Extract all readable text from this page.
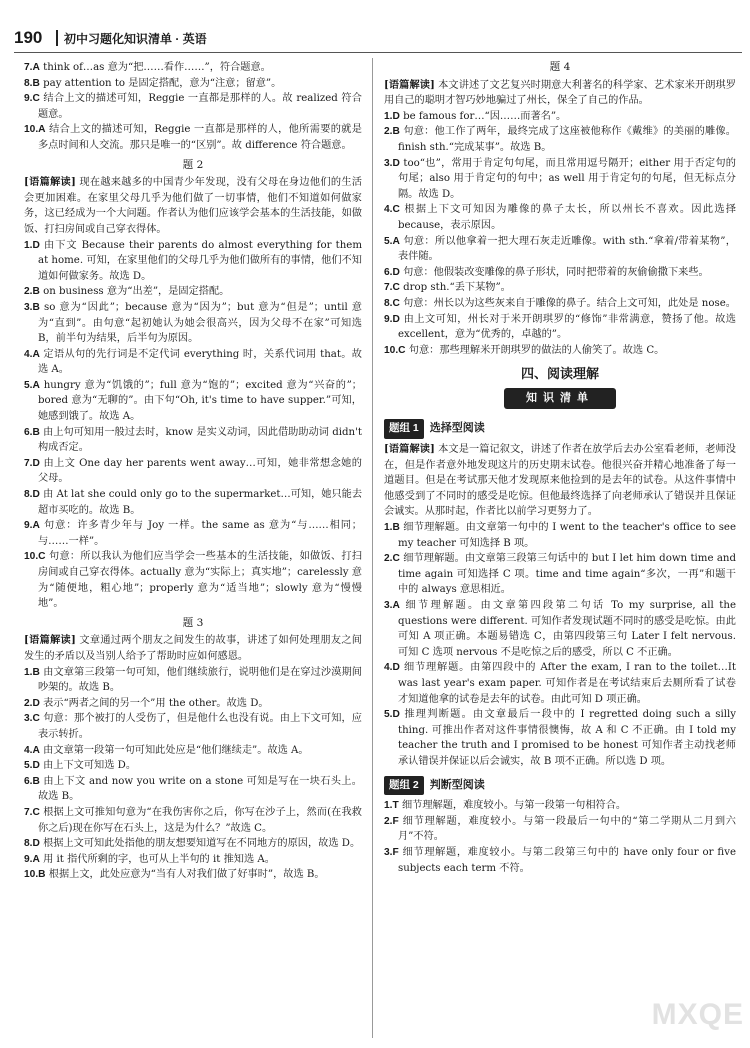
190 初中习题化知识清单 · 英语
7.A think of…as 意为“把……看作……”，符合题意。
8.B pay attention to 是固定搭配，意为“注意；留意”。
9.C 结合上文的描述可知，Reggie 一直都是那样的人。故 realized 符合题意。
10.A 结合上文的描述可知，Reggie 一直都是那样的人，他所需要的就是多点时间和人交流。那只是唯一的“区别”。故 difference 符合题意。
题 2
[语篇解读] 现在越来越多的中国青少年发现，没有父母在身边他们的生活会更加困难。在家里父母几乎为他们做了一切事情，他们不知道如何做家务，这已经成为一个大问题。作者认为他们应该学会基本的生活技能，如做饭、打扫房间或自己穿衣得体。
1.D 由下文 Because their parents do almost everything for them at home. 可知，在家里他们的父母几乎为他们做所有的事情，他们不知道如何做家务。故选 D。
2.B on business 意为“出差”，是固定搭配。
3.B so 意为“因此”；because 意为“因为”；but 意为“但是”；until 意为“直到”。由句意“起初她认为她会很高兴，因为父母不在家”可知选 B，前半句为结果，后半句为原因。
4.A 定语从句的先行词是不定代词 everything 时，关系代词用 that。故选 A。
5.A hungry 意为“饥饿的”；full 意为“饱的”；excited 意为“兴奋的”；bored 意为“无聊的”。由下句“Oh, it's time to have supper.”可知，她感到饿了。故选 A。
6.B 由上句可知用一般过去时，know 是实义动词，因此借助助动词 didn't 构成否定。
7.D 由上文 One day her parents went away…可知，她非常想念她的父母。
8.D 由 At lat she could only go to the supermarket…可知，她只能去超市买吃的。故选 B。
9.A 句意：许多青少年与 Joy 一样。the same as 意为“与……相同；与……一样”。
10.C 句意：所以我认为他们应当学会一些基本的生活技能，如做饭、打扫房间或自己穿衣得体。actually 意为“实际上；真实地”；carelessly 意为“随便地，粗心地”；properly 意为“适当地”；slowly 意为“慢慢地”。
题 3
[语篇解读] 文章通过两个朋友之间发生的故事，讲述了如何处理朋友之间发生的矛盾以及当别人给予了帮助时应如何感恩。
1.B 由文章第三段第一句可知，他们继续旅行，说明他们是在穿过沙漠期间吵架的。故选 B。
2.D 表示“两者之间的另一个”用 the other。故选 D。
3.C 句意：那个被打的人受伤了，但是他什么也没有说。由上下文可知，应表示转折。
4.A 由文章第一段第一句可知此处应是“他们继续走”。故选 A。
5.D 由上下文可知选 D。
6.B 由上下文 and now you write on a stone 可知是写在一块石头上。故选 B。
7.C 根据上文可推知句意为“在我伤害你之后，你写在沙子上，然而(在我救你之后)现在你写在石头上，这是为什么？”故选 C。
8.D 根据上文可知此处指他的朋友想要知道写在不同地方的原因，故选 D。
9.A 用 it 指代所剩的字，也可从上半句的 it 推知选 A。
10.B 根据上文，此处应意为“当有人对我们做了好事时”，故选 B。
题 4
[语篇解读] 本文讲述了文艺复兴时期意大利著名的科学家、艺术家米开朗琪罗用自己的聪明才智巧妙地骗过了州长，保全了自己的作品。
1.D be famous for…“因……而著名”。
2.B 句意：他工作了两年，最终完成了这座被他称作《戴维》的美丽的雕像。finish sth.“完成某事”。故选 B。
3.D too“也”，常用于肯定句句尾，而且常用逗号隔开；either 用于否定句的句尾；also 用于肯定句的句中；as well 用于肯定句的句尾，但无标点分隔。故选 D。
4.C 根据上下文可知因为雕像的鼻子太长，所以州长不喜欢。因此选择 because，表示原因。
5.A 句意：所以他拿着一把大理石灰走近雕像。with sth.“拿着/带着某物”，表伴随。
6.D 句意：他假装改变雕像的鼻子形状，同时把带着的灰偷偷撒下来些。
7.C drop sth.“丢下某物”。
8.C 句意：州长以为这些灰来自于雕像的鼻子。结合上文可知，此处是 nose。
9.D 由上文可知，州长对于米开朗琪罗的“修饰”非常满意，赞扬了他。故选 excellent，意为“优秀的，卓越的”。
10.C 句意：那些理解米开朗琪罗的做法的人偷笑了。故选 C。
四、阅读理解
知识清单
题组 1	选择型阅读
[语篇解读] 本文是一篇记叙文，讲述了作者在放学后去办公室看老师，老师没在，但是作者意外地发现这片的历史期末试卷。他很兴奋并精心地准备了每一道题目。但是在考试那天他才发现原来他捡到的是去年的试卷。从这件事情中他感受到了不同时的感受是吃惊。但他最终选择了向老师承认了错误并且保证会诚实。从那时起，作者比以前学习更努力了。
1.B 细节理解题。由文章第一句中的 I went to the teacher's office to see my teacher 可知选择 B 项。
2.C 细节理解题。由文章第三段第三句话中的 but I let him down time and time again 可知选择 C 项。time and time again“多次，一再”和题干中的 always 意思相近。
3.A 细节理解题。由文章第四段第二句话 To my surprise, all the questions were different. 可知作者发现试题不同时的感受是吃惊。由此可知 A 项正确。本题易错选 C，由第四段第三句 Later I felt nervous. 可知 C 选项 nervous 不是吃惊之后的感受，所以 C 不正确。
4.D 细节理解题。由第四段中的 After the exam, I ran to the toilet…It was last year's exam paper. 可知作者是在考试结束后去厕所看了试卷才知道他拿的试卷是去年的试卷。由此可知 D 项正确。
5.D 推理判断题。由文章最后一段中的 I regretted doing such a silly thing. 可推出作者对这件事情很懊悔，故 A 和 C 不正确。由 I told my teacher the truth and I promised to be honest 可知作者主动找老师承认错误并保证以后会诚实，故 B 项不正确。所以选 D 项。
题组 2	判断型阅读
1.T 细节理解题，难度较小。与第一段第一句相符合。
2.F 细节理解题，难度较小。与第一段最后一句中的“第二学期从二月到六月”不符。
3.F 细节理解题，难度较小。与第二段第三句中的 have only four or five subjects each term 不符。
MXQE
